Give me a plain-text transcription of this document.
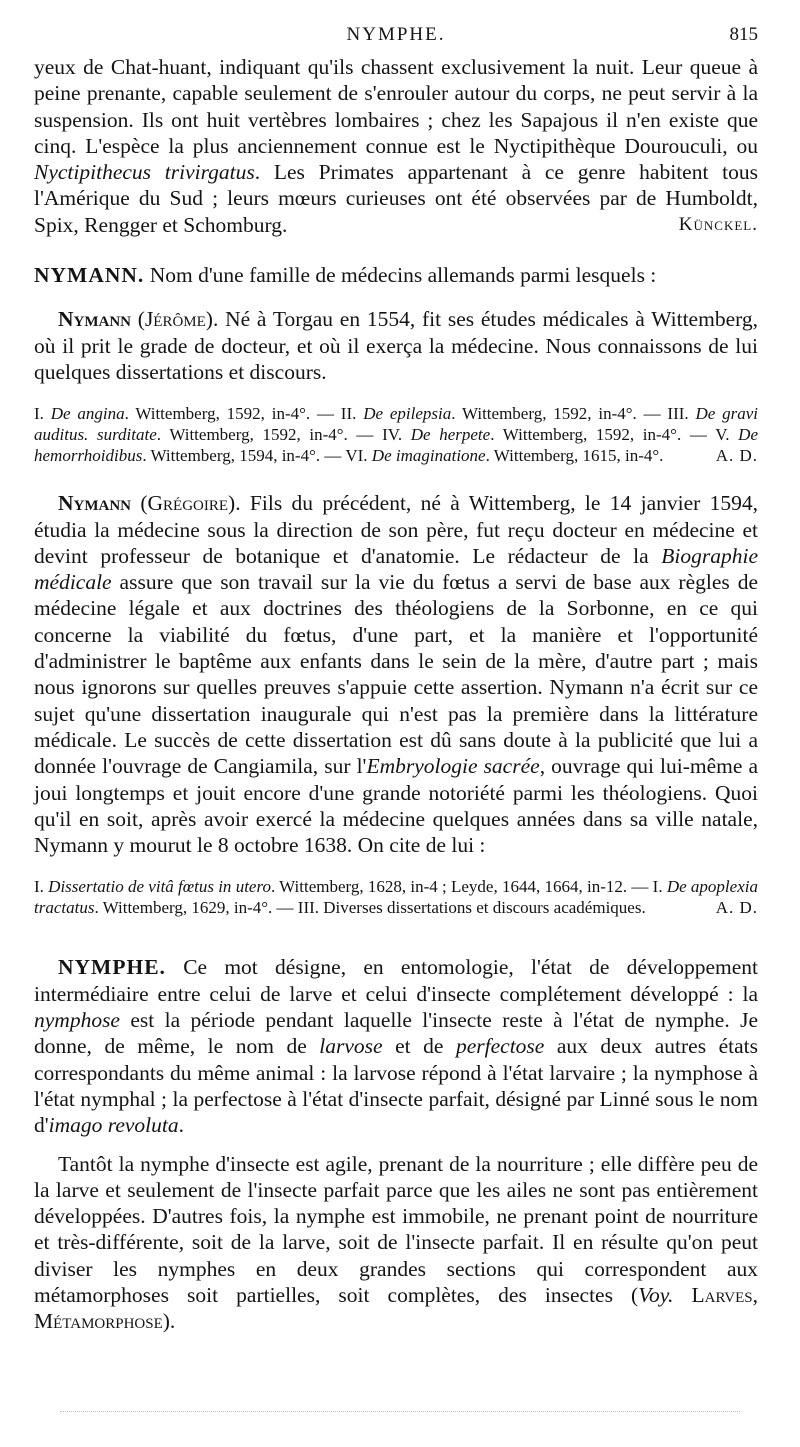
NYMPHE.	815

yeux de Chat-huant, indiquant qu'ils chassent exclusivement la nuit. Leur queue à peine prenante, capable seulement de s'enrouler autour du corps, ne peut servir à la suspension. Ils ont huit vertèbres lombaires ; chez les Sapajous il n'en existe que cinq. L'espèce la plus anciennement connue est le Nyctipithèque Dourouculi, ou Nyctipithecus trivirgatus. Les Primates appartenant à ce genre habitent tous l'Amérique du Sud ; leurs mœurs curieuses ont été observées par de Humboldt, Spix, Rengger et Schomburg.	Künckel.

NYMANN. Nom d'une famille de médecins allemands parmi lesquels :

Nymann (Jérôme). Né à Torgau en 1554, fit ses études médicales à Wittemberg, où il prit le grade de docteur, et où il exerça la médecine. Nous connaissons de lui quelques dissertations et discours.

I. De angina. Wittemberg, 1592, in-4°. — II. De epilepsia. Wittemberg, 1592, in-4°. — III. De gravi auditus. surditate. Wittemberg, 1592, in-4°. — IV. De herpete. Wittemberg, 1592, in-4°. — V. De hemorrhoidibus. Wittemberg, 1594, in-4°. — VI. De imaginatione. Wittemberg, 1615, in-4°.	A. D.

Nymann (Grégoire). Fils du précédent, né à Wittemberg, le 14 janvier 1594, étudia la médecine sous la direction de son père, fut reçu docteur en médecine et devint professeur de botanique et d'anatomie. Le rédacteur de la Biographie médicale assure que son travail sur la vie du fœtus a servi de base aux règles de médecine légale et aux doctrines des théologiens de la Sorbonne, en ce qui concerne la viabilité du fœtus, d'une part, et la manière et l'opportunité d'administrer le baptême aux enfants dans le sein de la mère, d'autre part ; mais nous ignorons sur quelles preuves s'appuie cette assertion. Nymann n'a écrit sur ce sujet qu'une dissertation inaugurale qui n'est pas la première dans la littérature médicale. Le succès de cette dissertation est dû sans doute à la publicité que lui a donnée l'ouvrage de Cangiamila, sur l'Embryologie sacrée, ouvrage qui lui-même a joui longtemps et jouit encore d'une grande notoriété parmi les théologiens. Quoi qu'il en soit, après avoir exercé la médecine quelques années dans sa ville natale, Nymann y mourut le 8 octobre 1638. On cite de lui :

I. Dissertatio de vitâ fœtus in utero. Wittemberg, 1628, in-4 ; Leyde, 1644, 1664, in-12. — I. De apoplexia tractatus. Wittemberg, 1629, in-4°. — III. Diverses dissertations et discours académiques.	A. D.

NYMPHE. Ce mot désigne, en entomologie, l'état de développement intermédiaire entre celui de larve et celui d'insecte complétement développé : la nymphose est la période pendant laquelle l'insecte reste à l'état de nymphe. Je donne, de même, le nom de larvose et de perfectose aux deux autres états correspondants du même animal : la larvose répond à l'état larvaire ; la nymphose à l'état nymphal ; la perfectose à l'état d'insecte parfait, désigné par Linné sous le nom d'imago revoluta.

Tantôt la nymphe d'insecte est agile, prenant de la nourriture ; elle diffère peu de la larve et seulement de l'insecte parfait parce que les ailes ne sont pas entièrement développées. D'autres fois, la nymphe est immobile, ne prenant point de nourriture et très-différente, soit de la larve, soit de l'insecte parfait. Il en résulte qu'on peut diviser les nymphes en deux grandes sections qui correspondent aux métamorphoses soit partielles, soit complètes, des insectes (Voy. Larves, Métamorphose).
